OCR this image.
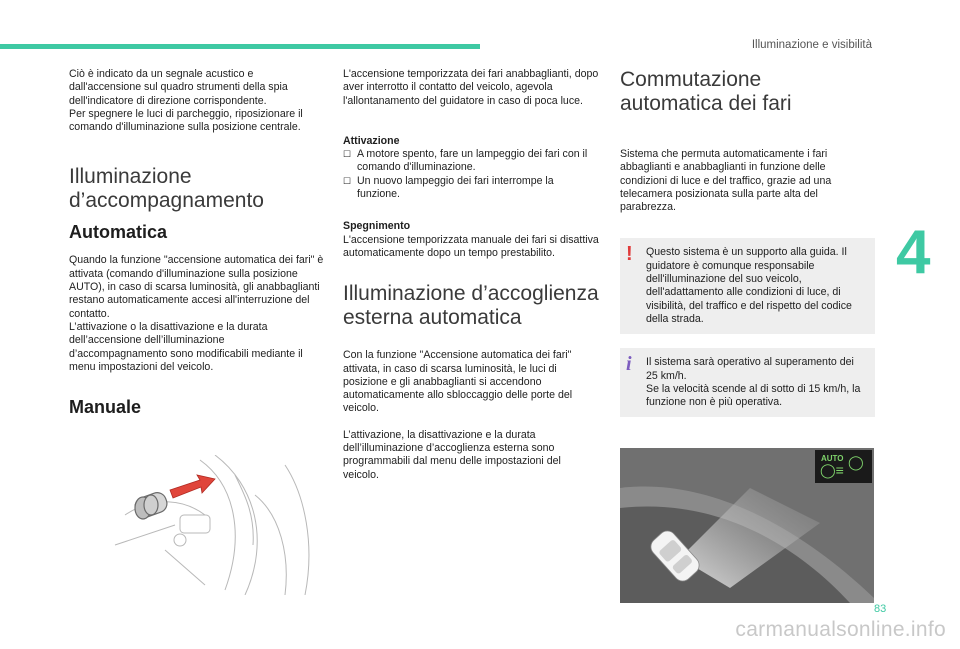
Illuminazione e visibilità
4

Ciò è indicato da un segnale acustico e dall'accensione sul quadro strumenti della spia dell'indicatore di direzione corrispondente.

Per spegnere le luci di parcheggio, riposizionare il comando d'illuminazione sulla posizione centrale.

Illuminazione d’accompagnamento
Automatica

Quando la funzione "accensione automatica dei fari" è attivata (comando d'illuminazione sulla posizione AUTO), in caso di scarsa luminosità, gli anabbaglianti restano automaticamente accesi all'interruzione del contatto.

L’attivazione o la disattivazione e la durata dell’accensione dell’illuminazione d’accompagnamento sono modificabili mediante il menu impostazioni del veicolo.

Manuale

L'accensione temporizzata dei fari anabbaglianti, dopo aver interrotto il contatto del veicolo, agevola l'allontanamento del guidatore in caso di poca luce.

Attivazione
☐ A motore spento, fare un lampeggio dei fari con il comando d'illuminazione.
☐ Un nuovo lampeggio dei fari interrompe la funzione.
Spegnimento

L'accensione temporizzata manuale dei fari si disattiva automaticamente dopo un tempo prestabilito.

Illuminazione d’accoglienza esterna automatica

Con la funzione "Accensione automatica dei fari" attivata, in caso di scarsa luminosità, le luci di posizione e gli anabbaglianti si accendono automaticamente allo sbloccaggio delle porte del veicolo.

L’attivazione, la disattivazione e la durata dell’illuminazione d’accoglienza esterna sono programmabili dal menu delle impostazioni del veicolo.

Commutazione automatica dei fari

Sistema che permuta automaticamente i fari abbaglianti e anabbaglianti in funzione delle condizioni di luce e del traffico, grazie ad una telecamera posizionata sulla parte alta del parabrezza.

! Questo sistema è un supporto alla guida. Il guidatore è comunque responsabile dell'illuminazione del suo veicolo, dell'adattamento alle condizioni di luce, di visibilità, del traffico e del rispetto del codice della strada.

i Il sistema sarà operativo al superamento dei 25 km/h.

Se la velocità scende al di sotto di 15 km/h, la funzione non è più operativa.

AUTO
◯≡ ◯
83
carmanualsonline.info
